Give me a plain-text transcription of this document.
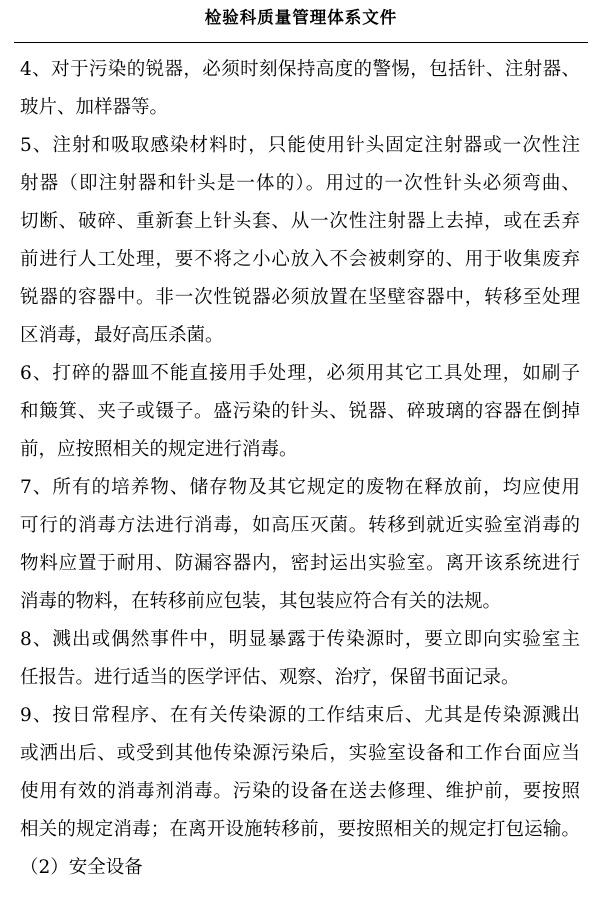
检验科质量管理体系文件
4、对于污染的锐器，必须时刻保持高度的警惕，包括针、注射器、
玻片、加样器等。
5、注射和吸取感染材料时，只能使用针头固定注射器或一次性注
射器（即注射器和针头是一体的）。用过的一次性针头必须弯曲、
切断、破碎、重新套上针头套、从一次性注射器上去掉，或在丢弃
前进行人工处理，要不将之小心放入不会被刺穿的、用于收集废弃
锐器的容器中。非一次性锐器必须放置在坚壁容器中，转移至处理
区消毒，最好高压杀菌。
6、打碎的器皿不能直接用手处理，必须用其它工具处理，如刷子
和簸箕、夹子或镊子。盛污染的针头、锐器、碎玻璃的容器在倒掉
前，应按照相关的规定进行消毒。
7、所有的培养物、储存物及其它规定的废物在释放前，均应使用
可行的消毒方法进行消毒，如高压灭菌。转移到就近实验室消毒的
物料应置于耐用、防漏容器内，密封运出实验室。离开该系统进行
消毒的物料，在转移前应包装，其包装应符合有关的法规。
8、溅出或偶然事件中，明显暴露于传染源时，要立即向实验室主
任报告。进行适当的医学评估、观察、治疗，保留书面记录。
9、按日常程序、在有关传染源的工作结束后、尤其是传染源溅出
或洒出后、或受到其他传染源污染后，实验室设备和工作台面应当
使用有效的消毒剂消毒。污染的设备在送去修理、维护前，要按照
相关的规定消毒；在离开设施转移前，要按照相关的规定打包运输。
（2）安全设备
